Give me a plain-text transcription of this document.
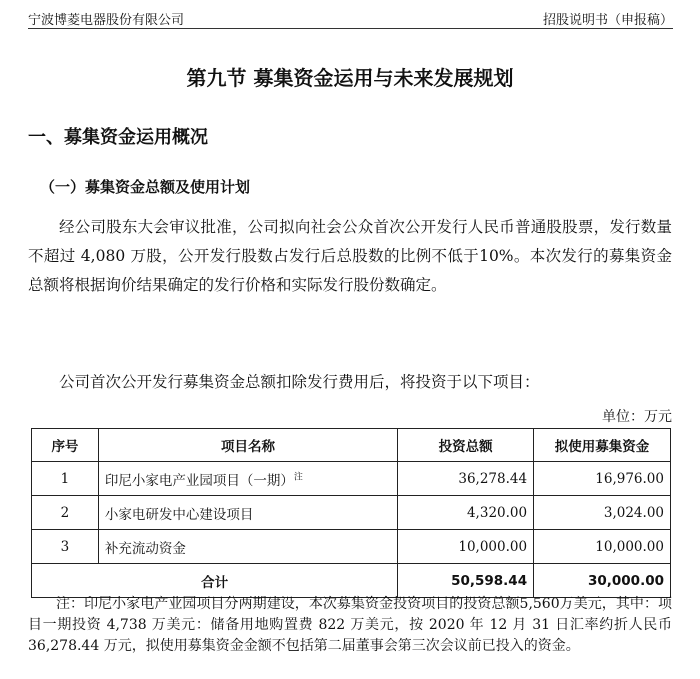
宁波博菱电器股份有限公司	招股说明书（申报稿）
第九节 募集资金运用与未来发展规划
一、募集资金运用概况
（一）募集资金总额及使用计划
经公司股东大会审议批准，公司拟向社会公众首次公开发行人民币普通股股票，发行数量不超过 4,080 万股，公开发行股数占发行后总股数的比例不低于10%。本次发行的募集资金总额将根据询价结果确定的发行价格和实际发行股份数确定。
公司首次公开发行募集资金总额扣除发行费用后，将投资于以下项目：
单位：万元
序号	项目名称	投资总额	拟使用募集资金
1	印尼小家电产业园项目（一期）$^注$	36,278.44	16,976.00
2	小家电研发中心建设项目	4,320.00	3,024.00
3	补充流动资金	10,000.00	10,000.00
合计		50,598.44	30,000.00
注：印尼小家电产业园项目分两期建设，本次募集资金投资项目的投资总额5,560万美元，其中：项目一期投资 4,738 万美元：储备用地购置费 822 万美元，按 2020 年 12 月 31 日汇率约折人民币 36,278.44 万元，拟使用募集资金金额不包括第二届董事会第三次会议前已投入的资金。
